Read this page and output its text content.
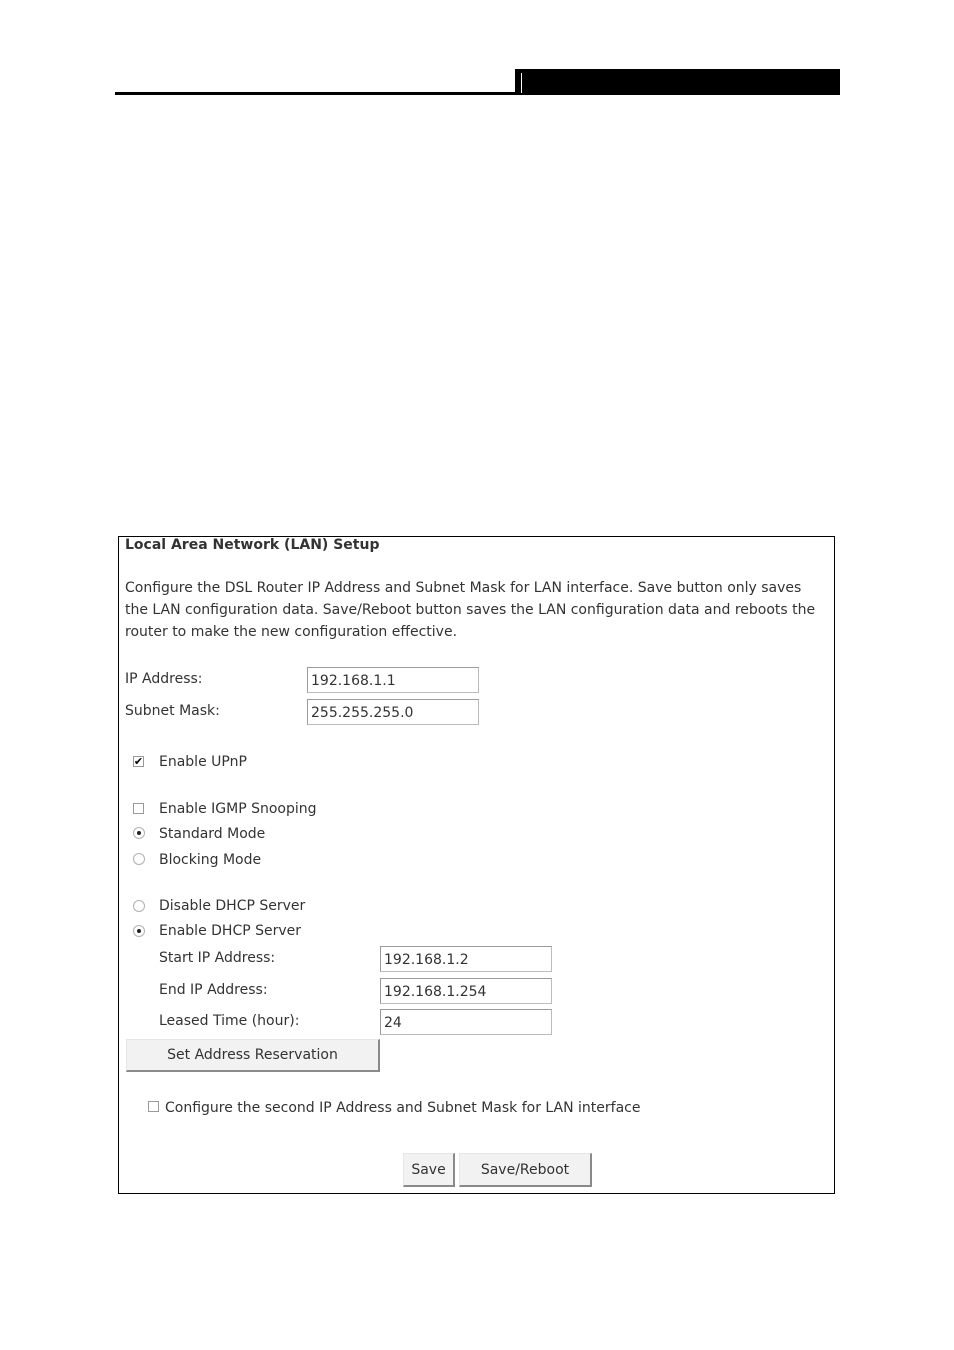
Local Area Network (LAN) Setup
Configure the DSL Router IP Address and Subnet Mask for LAN interface. Save button only saves the LAN configuration data. Save/Reboot button saves the LAN configuration data and reboots the router to make the new configuration effective.
IP Address:
192.168.1.1
Subnet Mask:
255.255.255.0
✔ Enable UPnP
Enable IGMP Snooping
Standard Mode
Blocking Mode
Disable DHCP Server
Enable DHCP Server
Start IP Address:
192.168.1.2
End IP Address:
192.168.1.254
Leased Time (hour):
24
Set Address Reservation
Configure the second IP Address and Subnet Mask for LAN interface
Save	Save/Reboot
